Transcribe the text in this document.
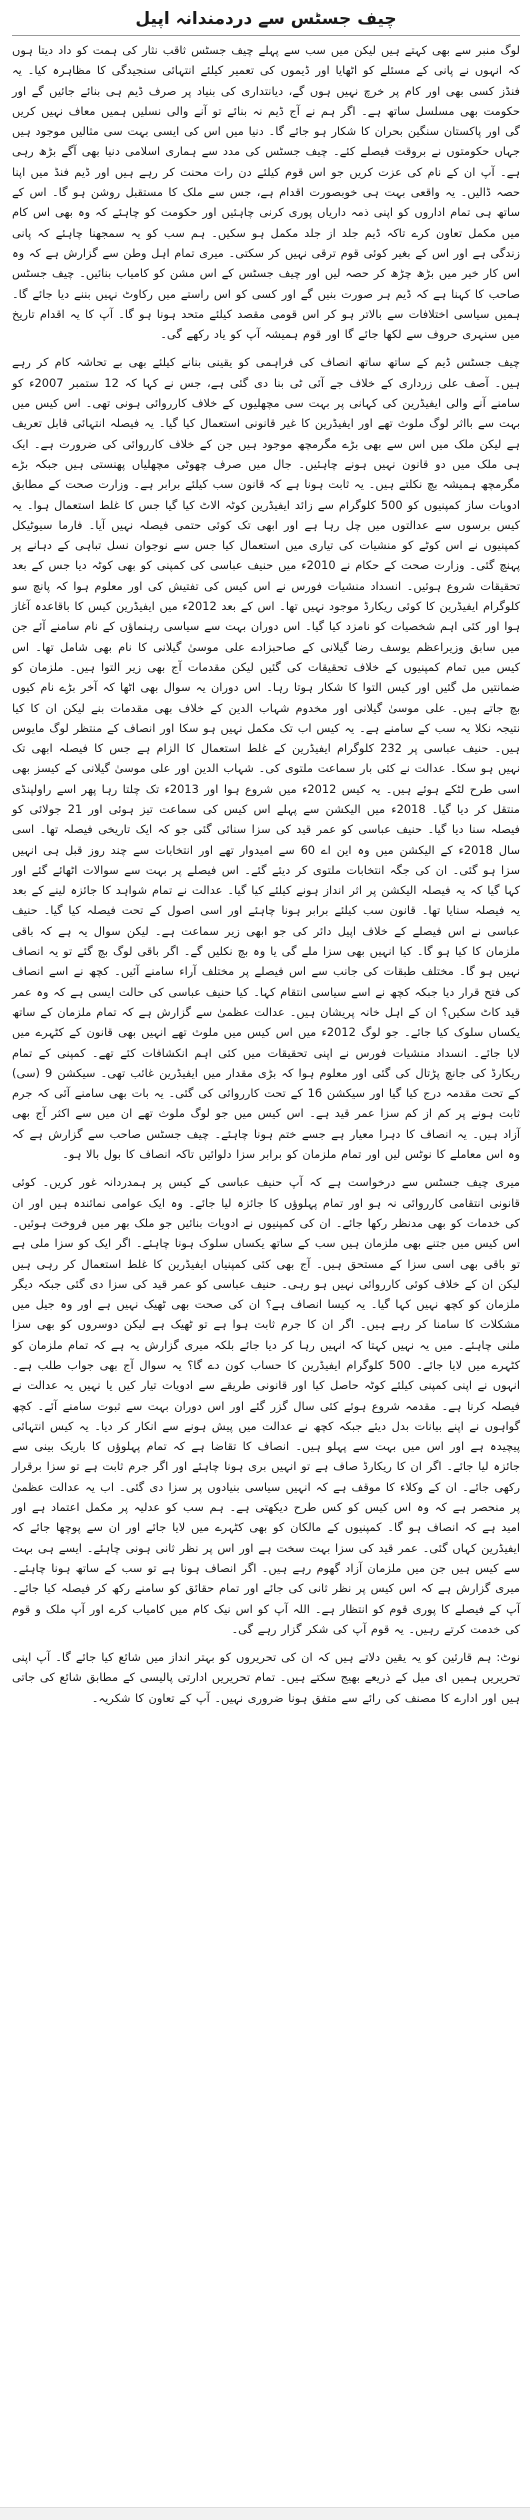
چیف جسٹس سے دردمندانہ اپیل

لوگ منبر سے بھی کہتے ہیں لیکن میں سب سے پہلے چیف جسٹس ثاقب نثار کی ہمت کو داد دیتا ہوں کہ انہوں نے پانی کے مسئلے کو اٹھایا اور ڈیموں کی تعمیر کیلئے انتہائی سنجیدگی کا مظاہرہ کیا۔ یہ فنڈز کسی بھی اور کام پر خرچ نہیں ہوں گے، دیانتداری کی بنیاد پر صرف ڈیم ہی بنائے جائیں گے اور حکومت بھی مسلسل ساتھ ہے۔ اگر ہم نے آج ڈیم نہ بنائے تو آنے والی نسلیں ہمیں معاف نہیں کریں گی اور پاکستان سنگین بحران کا شکار ہو جائے گا۔ دنیا میں اس کی ایسی بہت سی مثالیں موجود ہیں جہاں حکومتوں نے بروقت فیصلے کئے۔ چیف جسٹس کی مدد سے ہماری اسلامی دنیا بھی آگے بڑھ رہی ہے۔ آپ ان کے نام کی عزت کریں جو اس قوم کیلئے دن رات محنت کر رہے ہیں اور ڈیم فنڈ میں اپنا حصہ ڈالیں۔ یہ واقعی بہت ہی خوبصورت اقدام ہے، جس سے ملک کا مستقبل روشن ہو گا۔ اس کے ساتھ ہی تمام اداروں کو اپنی ذمہ داریاں پوری کرنی چاہئیں اور حکومت کو چاہئے کہ وہ بھی اس کام میں مکمل تعاون کرے تاکہ ڈیم جلد از جلد مکمل ہو سکیں۔ ہم سب کو یہ سمجھنا چاہئے کہ پانی زندگی ہے اور اس کے بغیر کوئی قوم ترقی نہیں کر سکتی۔ میری تمام اہل وطن سے گزارش ہے کہ وہ اس کار خیر میں بڑھ چڑھ کر حصہ لیں اور چیف جسٹس کے اس مشن کو کامیاب بنائیں۔ چیف جسٹس صاحب کا کہنا ہے کہ ڈیم ہر صورت بنیں گے اور کسی کو اس راستے میں رکاوٹ نہیں بننے دیا جائے گا۔ ہمیں سیاسی اختلافات سے بالاتر ہو کر اس قومی مقصد کیلئے متحد ہونا ہو گا۔ آپ کا یہ اقدام تاریخ میں سنہری حروف سے لکھا جائے گا اور قوم ہمیشہ آپ کو یاد رکھے گی۔

چیف جسٹس ڈیم کے ساتھ ساتھ انصاف کی فراہمی کو یقینی بنانے کیلئے بھی بے تحاشہ کام کر رہے ہیں۔ آصف علی زرداری کے خلاف جے آئی ٹی بنا دی گئی ہے، جس نے کہا کہ 12 ستمبر 2007ء کو سامنے آنے والی ایفیڈرین کی کہانی پر بہت سی مچھلیوں کے خلاف کارروائی ہونی تھی۔ اس کیس میں بہت سے بااثر لوگ ملوث تھے اور ایفیڈرین کا غیر قانونی استعمال کیا گیا۔ یہ فیصلہ انتہائی قابل تعریف ہے لیکن ملک میں اس سے بھی بڑے مگرمچھ موجود ہیں جن کے خلاف کارروائی کی ضرورت ہے۔ ایک ہی ملک میں دو قانون نہیں ہونے چاہئیں۔ جال میں صرف چھوٹی مچھلیاں پھنستی ہیں جبکہ بڑے مگرمچھ ہمیشہ بچ نکلتے ہیں۔ یہ ثابت ہونا ہے کہ قانون سب کیلئے برابر ہے۔ وزارت صحت کے مطابق ادویات ساز کمپنیوں کو 500 کلوگرام سے زائد ایفیڈرین کوٹہ الاٹ کیا گیا جس کا غلط استعمال ہوا۔ یہ کیس برسوں سے عدالتوں میں چل رہا ہے اور ابھی تک کوئی حتمی فیصلہ نہیں آیا۔ فارما سیوٹیکل کمپنیوں نے اس کوٹے کو منشیات کی تیاری میں استعمال کیا جس سے نوجوان نسل تباہی کے دہانے پر پہنچ گئی۔ وزارت صحت کے حکام نے 2010ء میں حنیف عباسی کی کمپنی کو بھی کوٹہ دیا جس کے بعد تحقیقات شروع ہوئیں۔ انسداد منشیات فورس نے اس کیس کی تفتیش کی اور معلوم ہوا کہ پانچ سو کلوگرام ایفیڈرین کا کوئی ریکارڈ موجود نہیں تھا۔ اس کے بعد 2012ء میں ایفیڈرین کیس کا باقاعدہ آغاز ہوا اور کئی اہم شخصیات کو نامزد کیا گیا۔ اس دوران بہت سے سیاسی رہنماؤں کے نام سامنے آئے جن میں سابق وزیراعظم یوسف رضا گیلانی کے صاحبزادے علی موسیٰ گیلانی کا نام بھی شامل تھا۔ اس کیس میں تمام کمپنیوں کے خلاف تحقیقات کی گئیں لیکن مقدمات آج بھی زیر التوا ہیں۔ ملزمان کو ضمانتیں مل گئیں اور کیس التوا کا شکار ہوتا رہا۔ اس دوران یہ سوال بھی اٹھا کہ آخر بڑے نام کیوں بچ جاتے ہیں۔ علی موسیٰ گیلانی اور مخدوم شہاب الدین کے خلاف بھی مقدمات بنے لیکن ان کا کیا نتیجہ نکلا یہ سب کے سامنے ہے۔ یہ کیس اب تک مکمل نہیں ہو سکا اور انصاف کے منتظر لوگ مایوس ہیں۔ حنیف عباسی پر 232 کلوگرام ایفیڈرین کے غلط استعمال کا الزام ہے جس کا فیصلہ ابھی تک نہیں ہو سکا۔ عدالت نے کئی بار سماعت ملتوی کی۔ شہاب الدین اور علی موسیٰ گیلانی کے کیسز بھی اسی طرح لٹکے ہوئے ہیں۔ یہ کیس 2012ء میں شروع ہوا اور 2013ء تک چلتا رہا پھر اسے راولپنڈی منتقل کر دیا گیا۔ 2018ء میں الیکشن سے پہلے اس کیس کی سماعت تیز ہوئی اور 21 جولائی کو فیصلہ سنا دیا گیا۔ حنیف عباسی کو عمر قید کی سزا سنائی گئی جو کہ ایک تاریخی فیصلہ تھا۔ اسی سال 2018ء کے الیکشن میں وہ این اے 60 سے امیدوار تھے اور انتخابات سے چند روز قبل ہی انہیں سزا ہو گئی۔ ان کی جگہ انتخابات ملتوی کر دیئے گئے۔ اس فیصلے پر بہت سے سوالات اٹھائے گئے اور کہا گیا کہ یہ فیصلہ الیکشن پر اثر انداز ہونے کیلئے کیا گیا۔ عدالت نے تمام شواہد کا جائزہ لینے کے بعد یہ فیصلہ سنایا تھا۔ قانون سب کیلئے برابر ہونا چاہئے اور اسی اصول کے تحت فیصلہ کیا گیا۔ حنیف عباسی نے اس فیصلے کے خلاف اپیل دائر کی جو ابھی زیر سماعت ہے۔ لیکن سوال یہ ہے کہ باقی ملزمان کا کیا ہو گا۔ کیا انہیں بھی سزا ملے گی یا وہ بچ نکلیں گے۔ اگر باقی لوگ بچ گئے تو یہ انصاف نہیں ہو گا۔ مختلف طبقات کی جانب سے اس فیصلے پر مختلف آراء سامنے آئیں۔ کچھ نے اسے انصاف کی فتح قرار دیا جبکہ کچھ نے اسے سیاسی انتقام کہا۔ کیا حنیف عباسی کی حالت ایسی ہے کہ وہ عمر قید کاٹ سکیں؟ ان کے اہل خانہ پریشان ہیں۔ عدالت عظمیٰ سے گزارش ہے کہ تمام ملزمان کے ساتھ یکساں سلوک کیا جائے۔ جو لوگ 2012ء میں اس کیس میں ملوث تھے انہیں بھی قانون کے کٹہرے میں لایا جائے۔ انسداد منشیات فورس نے اپنی تحقیقات میں کئی اہم انکشافات کئے تھے۔ کمپنی کے تمام ریکارڈ کی جانچ پڑتال کی گئی اور معلوم ہوا کہ بڑی مقدار میں ایفیڈرین غائب تھی۔ سیکشن 9 (سی) کے تحت مقدمہ درج کیا گیا اور سیکشن 16 کے تحت کارروائی کی گئی۔ یہ بات بھی سامنے آئی کہ جرم ثابت ہونے پر کم از کم سزا عمر قید ہے۔ اس کیس میں جو لوگ ملوث تھے ان میں سے اکثر آج بھی آزاد ہیں۔ یہ انصاف کا دہرا معیار ہے جسے ختم ہونا چاہئے۔ چیف جسٹس صاحب سے گزارش ہے کہ وہ اس معاملے کا نوٹس لیں اور تمام ملزمان کو برابر سزا دلوائیں تاکہ انصاف کا بول بالا ہو۔

میری چیف جسٹس سے درخواست ہے کہ آپ حنیف عباسی کے کیس پر ہمدردانہ غور کریں۔ کوئی قانونی انتقامی کارروائی نہ ہو اور تمام پہلوؤں کا جائزہ لیا جائے۔ وہ ایک عوامی نمائندہ ہیں اور ان کی خدمات کو بھی مدنظر رکھا جائے۔ ان کی کمپنیوں نے ادویات بنائیں جو ملک بھر میں فروخت ہوئیں۔ اس کیس میں جتنے بھی ملزمان ہیں سب کے ساتھ یکساں سلوک ہونا چاہئے۔ اگر ایک کو سزا ملی ہے تو باقی بھی اسی سزا کے مستحق ہیں۔ آج بھی کئی کمپنیاں ایفیڈرین کا غلط استعمال کر رہی ہیں لیکن ان کے خلاف کوئی کارروائی نہیں ہو رہی۔ حنیف عباسی کو عمر قید کی سزا دی گئی جبکہ دیگر ملزمان کو کچھ نہیں کہا گیا۔ یہ کیسا انصاف ہے؟ ان کی صحت بھی ٹھیک نہیں ہے اور وہ جیل میں مشکلات کا سامنا کر رہے ہیں۔ اگر ان کا جرم ثابت ہوا ہے تو ٹھیک ہے لیکن دوسروں کو بھی سزا ملنی چاہئے۔ میں یہ نہیں کہتا کہ انہیں رہا کر دیا جائے بلکہ میری گزارش یہ ہے کہ تمام ملزمان کو کٹہرے میں لایا جائے۔ 500 کلوگرام ایفیڈرین کا حساب کون دے گا؟ یہ سوال آج بھی جواب طلب ہے۔ انہوں نے اپنی کمپنی کیلئے کوٹہ حاصل کیا اور قانونی طریقے سے ادویات تیار کیں یا نہیں یہ عدالت نے فیصلہ کرنا ہے۔ مقدمہ شروع ہوئے کئی سال گزر گئے اور اس دوران بہت سے ثبوت سامنے آئے۔ کچھ گواہوں نے اپنے بیانات بدل دیئے جبکہ کچھ نے عدالت میں پیش ہونے سے انکار کر دیا۔ یہ کیس انتہائی پیچیدہ ہے اور اس میں بہت سے پہلو ہیں۔ انصاف کا تقاضا ہے کہ تمام پہلوؤں کا باریک بینی سے جائزہ لیا جائے۔ اگر ان کا ریکارڈ صاف ہے تو انہیں بری ہونا چاہئے اور اگر جرم ثابت ہے تو سزا برقرار رکھی جائے۔ ان کے وکلاء کا موقف ہے کہ انہیں سیاسی بنیادوں پر سزا دی گئی۔ اب یہ عدالت عظمیٰ پر منحصر ہے کہ وہ اس کیس کو کس طرح دیکھتی ہے۔ ہم سب کو عدلیہ پر مکمل اعتماد ہے اور امید ہے کہ انصاف ہو گا۔ کمپنیوں کے مالکان کو بھی کٹہرے میں لایا جائے اور ان سے پوچھا جائے کہ ایفیڈرین کہاں گئی۔ عمر قید کی سزا بہت سخت ہے اور اس پر نظر ثانی ہونی چاہئے۔ ایسے ہی بہت سے کیس ہیں جن میں ملزمان آزاد گھوم رہے ہیں۔ اگر انصاف ہونا ہے تو سب کے ساتھ ہونا چاہئے۔ میری گزارش ہے کہ اس کیس پر نظر ثانی کی جائے اور تمام حقائق کو سامنے رکھ کر فیصلہ کیا جائے۔ آپ کے فیصلے کا پوری قوم کو انتظار ہے۔ اللہ آپ کو اس نیک کام میں کامیاب کرے اور آپ ملک و قوم کی خدمت کرتے رہیں۔ یہ قوم آپ کی شکر گزار رہے گی۔

نوٹ: ہم قارئین کو یہ یقین دلاتے ہیں کہ ان کی تحریروں کو بہتر انداز میں شائع کیا جائے گا۔ آپ اپنی تحریریں ہمیں ای میل کے ذریعے بھیج سکتے ہیں۔ تمام تحریریں ادارتی پالیسی کے مطابق شائع کی جاتی ہیں اور ادارے کا مصنف کی رائے سے متفق ہونا ضروری نہیں۔ آپ کے تعاون کا شکریہ۔
